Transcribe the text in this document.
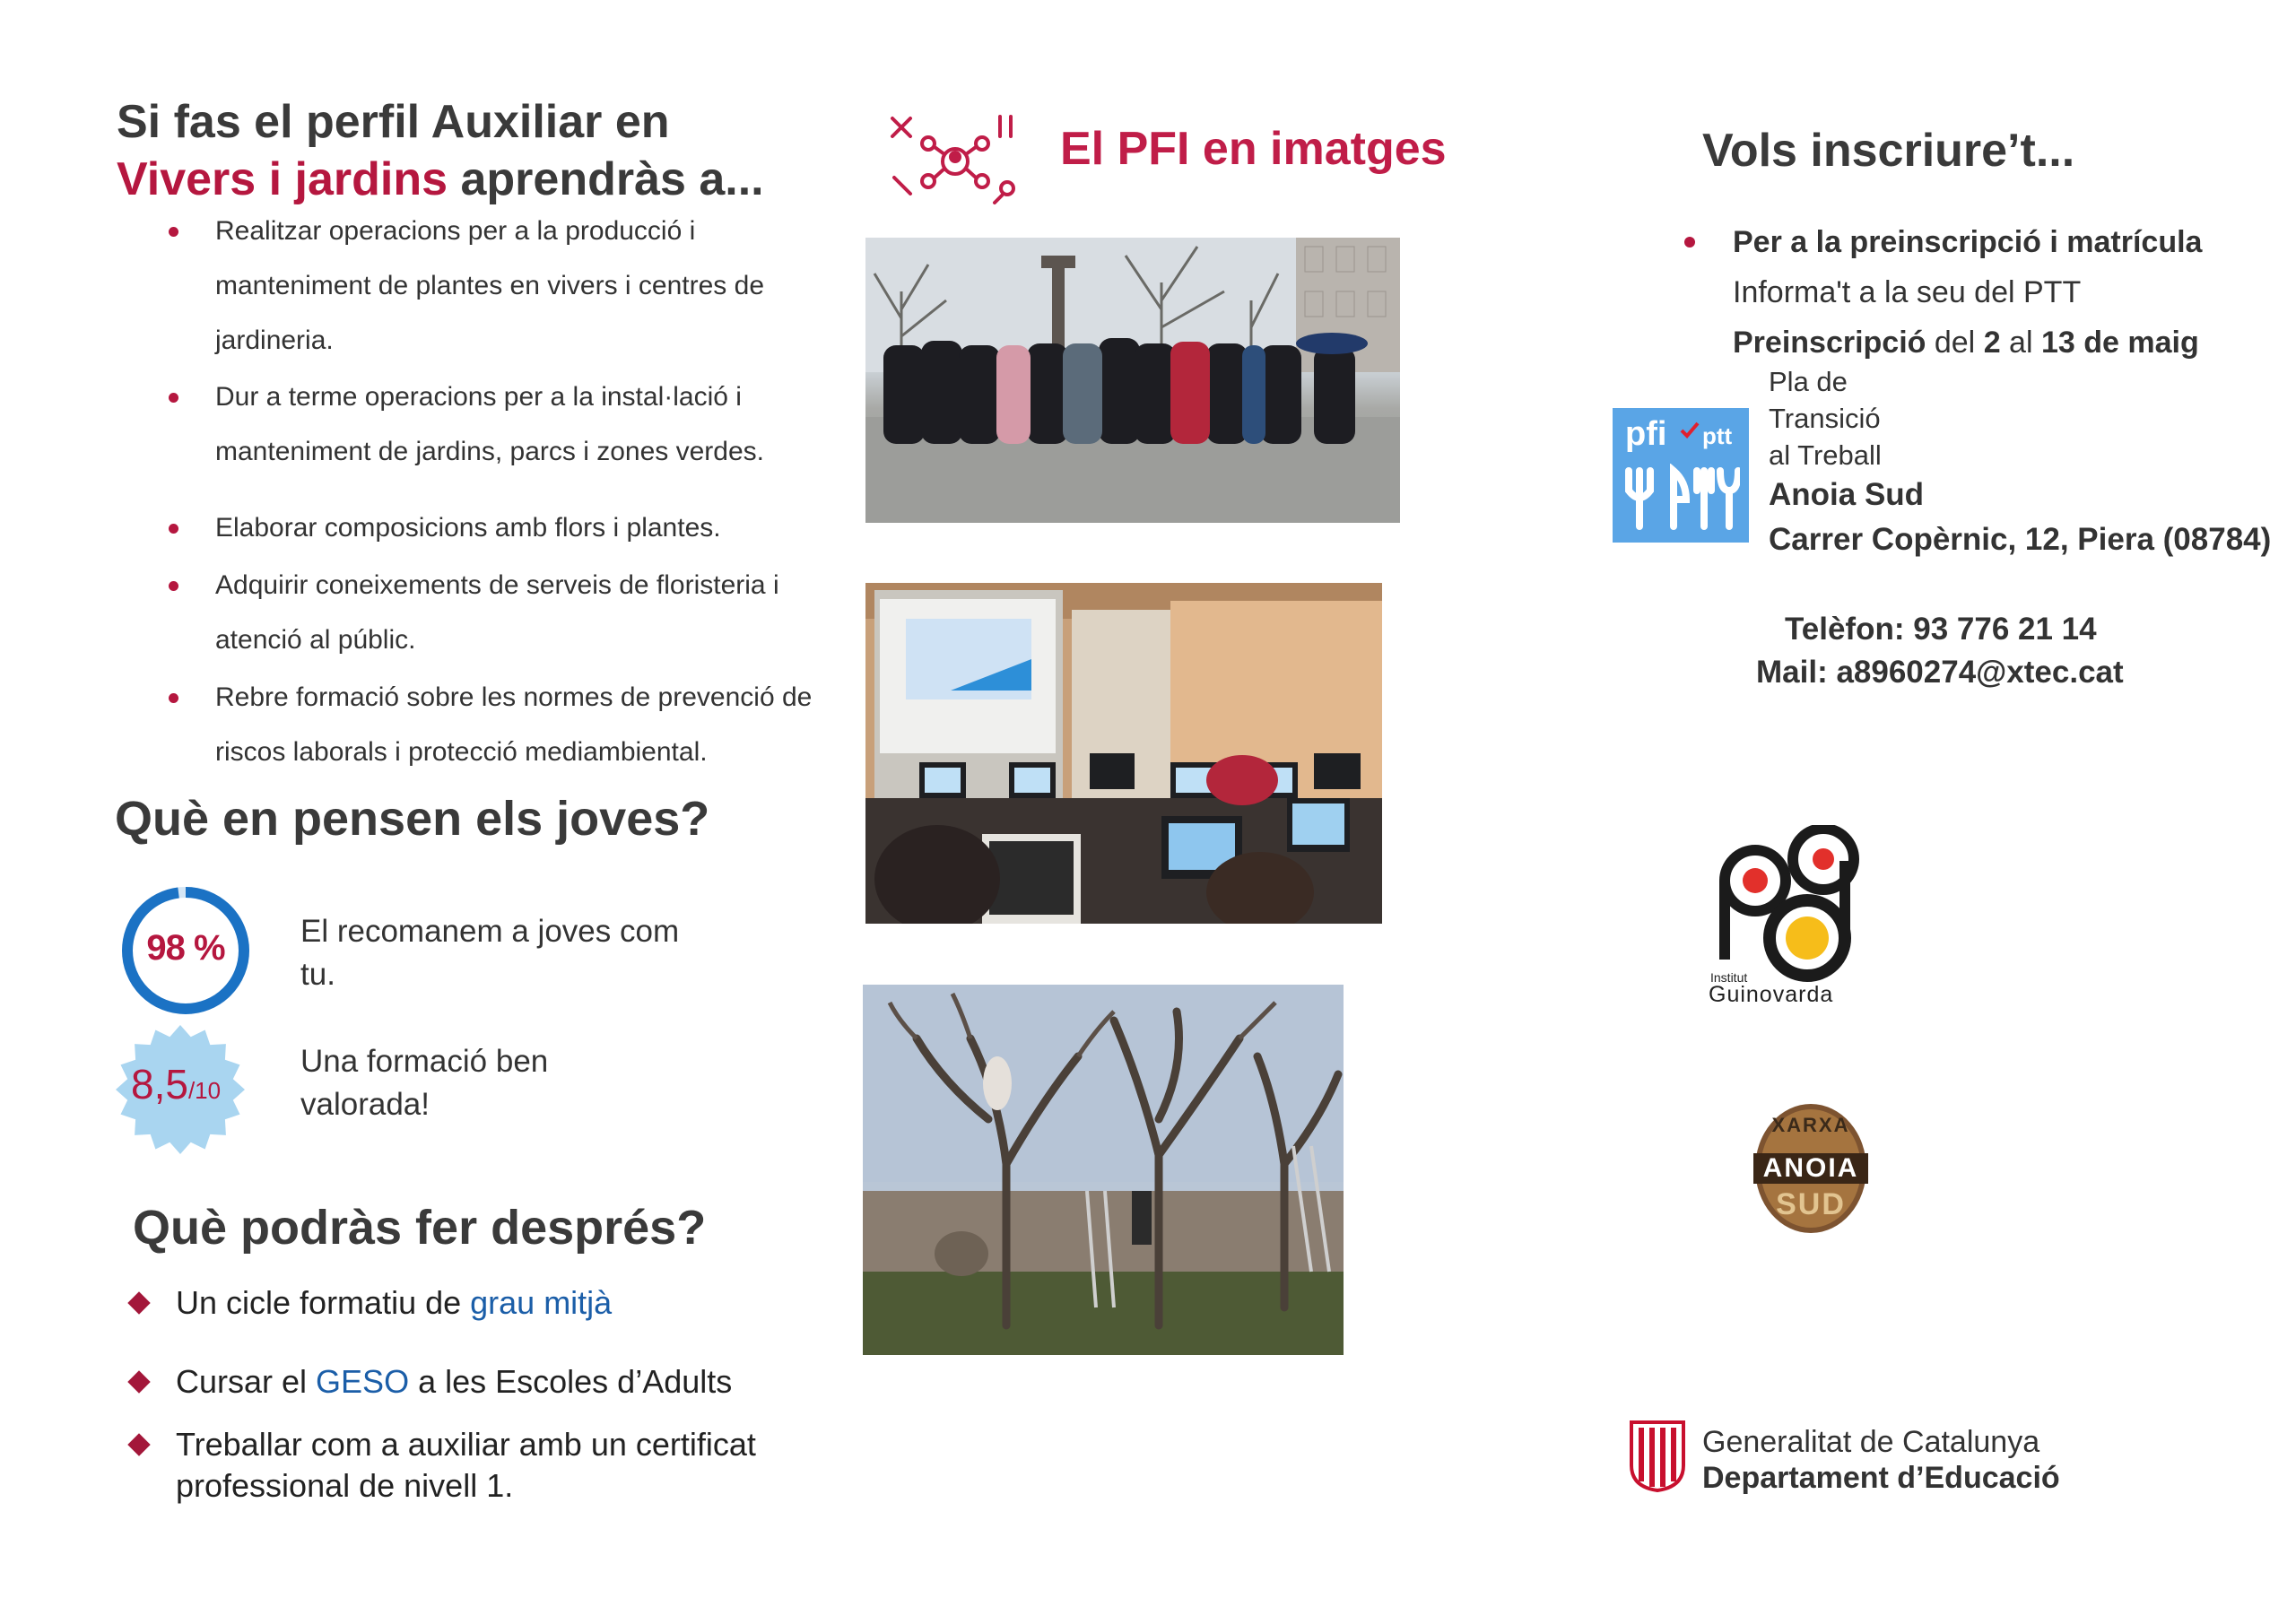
Si fas el perfil Auxiliar en
Vivers i jardins aprendràs a...
Realitzar operacions per a la producció i
manteniment de plantes en vivers i centres de
jardineria.
Dur a terme operacions per a la instal·lació i
manteniment de jardins, parcs i zones verdes.
Elaborar composicions amb flors i plantes.
Adquirir coneixements de serveis de floristeria i
atenció al públic.
Rebre formació sobre les normes de prevenció de
riscos laborals i protecció mediambiental.
Què en pensen els joves?
98 %	El recomanem a joves com
tu.
8,5/10
Una formació ben
valorada!
Què podràs fer després?
Un cicle formatiu de grau mitjà
Cursar el GESO a les Escoles d’Adults
Treballar com a auxiliar amb un certificat
professional de nivell 1.
El PFI en imatges	Vols inscriure’t...
Per a la preinscripció i matrícula
Informa't a la seu del PTT
Preinscripció del 2 al 13 de maig
pfi ptt
Pla de
Transició
al Treball
Anoia Sud
Carrer Copèrnic, 12, Piera (08784)
Telèfon: 93 776 21 14
Mail: a8960274@xtec.cat
Institut
Guinovarda
XARXA
ANOIA
SUD
Generalitat de Catalunya
Departament d’Educació
